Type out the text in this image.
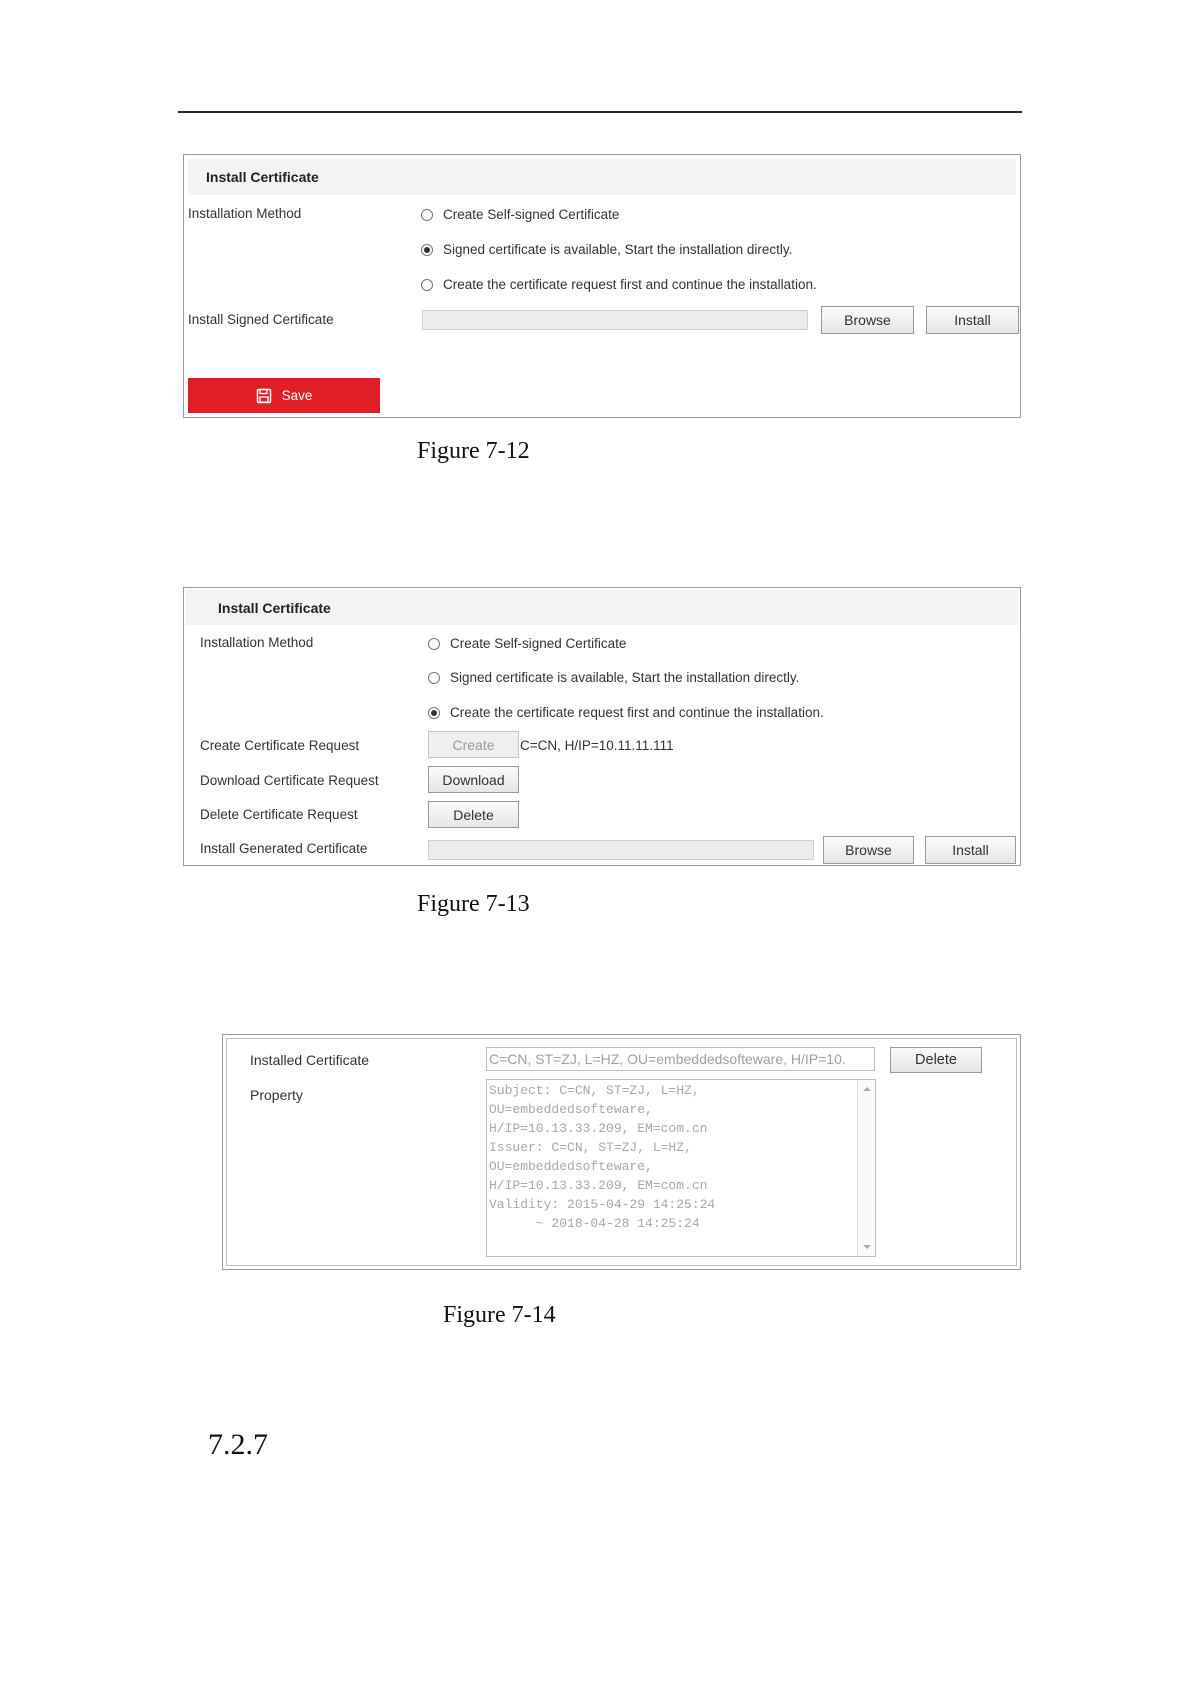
Install Certificate
Installation Method	Create Self-signed Certificate
Signed certificate is available, Start the installation directly.
Create the certificate request first and continue the installation.
Install Signed Certificate	Browse	Install
Save
Figure 7-12
Install Certificate
Installation Method	Create Self-signed Certificate
Signed certificate is available, Start the installation directly.
Create the certificate request first and continue the installation.
Create Certificate Request	Create	C=CN, H/IP=10.11.11.111
Download Certificate Request	Download
Delete Certificate Request	Delete
Install Generated Certificate	Browse	Install
Figure 7-13
Installed Certificate	C=CN, ST=ZJ, L=HZ, OU=embeddedsofteware, H/IP=10.	Delete
Property	Subject: C=CN, ST=ZJ, L=HZ,
OU=embeddedsofteware,
H/IP=10.13.33.209, EM=com.cn
Issuer: C=CN, ST=ZJ, L=HZ,
OU=embeddedsofteware,
H/IP=10.13.33.209, EM=com.cn
Validity: 2015-04-29 14:25:24
~ 2018-04-28 14:25:24
Figure 7-14
7.2.7
